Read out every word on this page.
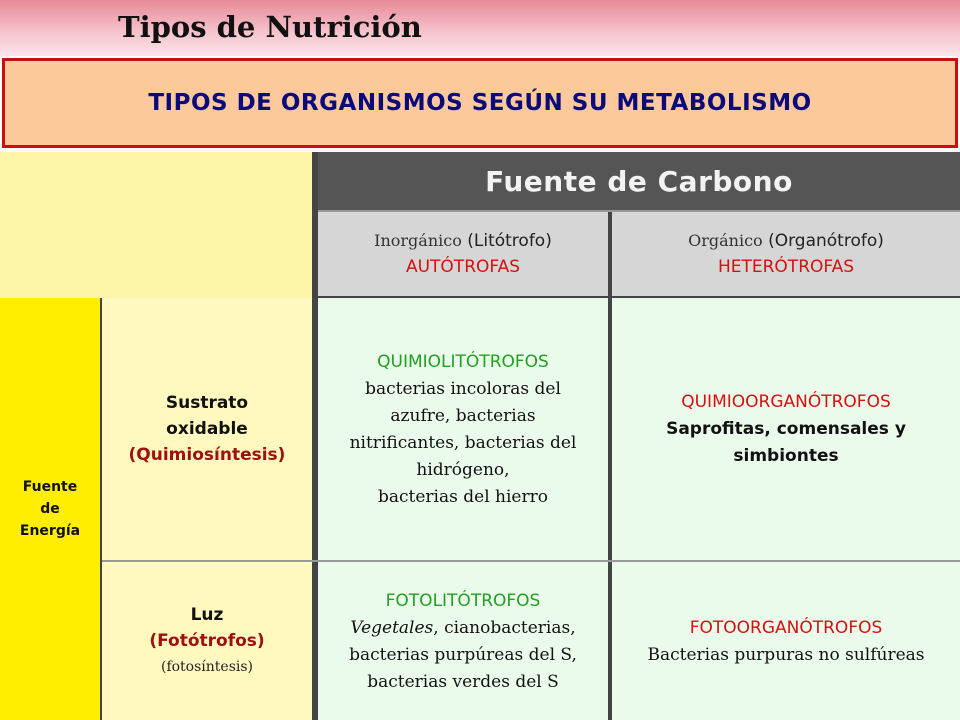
Tipos de Nutrición
TIPOS DE ORGANISMOS SEGÚN SU METABOLISMO
Fuente de Carbono
Inorgánico (Litótrofo)
AUTÓTROFAS
Orgánico (Organótrofo)
HETERÓTROFAS
Fuente
de
Energía
Sustrato
oxidable
(Quimiosíntesis)
QUIMIOLITÓTROFOS
bacterias incoloras del
azufre, bacterias
nitrificantes, bacterias del
hidrógeno,
bacterias del hierro
QUIMIOORGANÓTROFOS
Saprofitas, comensales y
simbiontes
Luz
(Fotótrofos)
(fotosíntesis)
FOTOLITÓTROFOS
Vegetales, cianobacterias,
bacterias purpúreas del S,
bacterias verdes del S
FOTOORGANÓTROFOS
Bacterias purpuras no sulfúreas
